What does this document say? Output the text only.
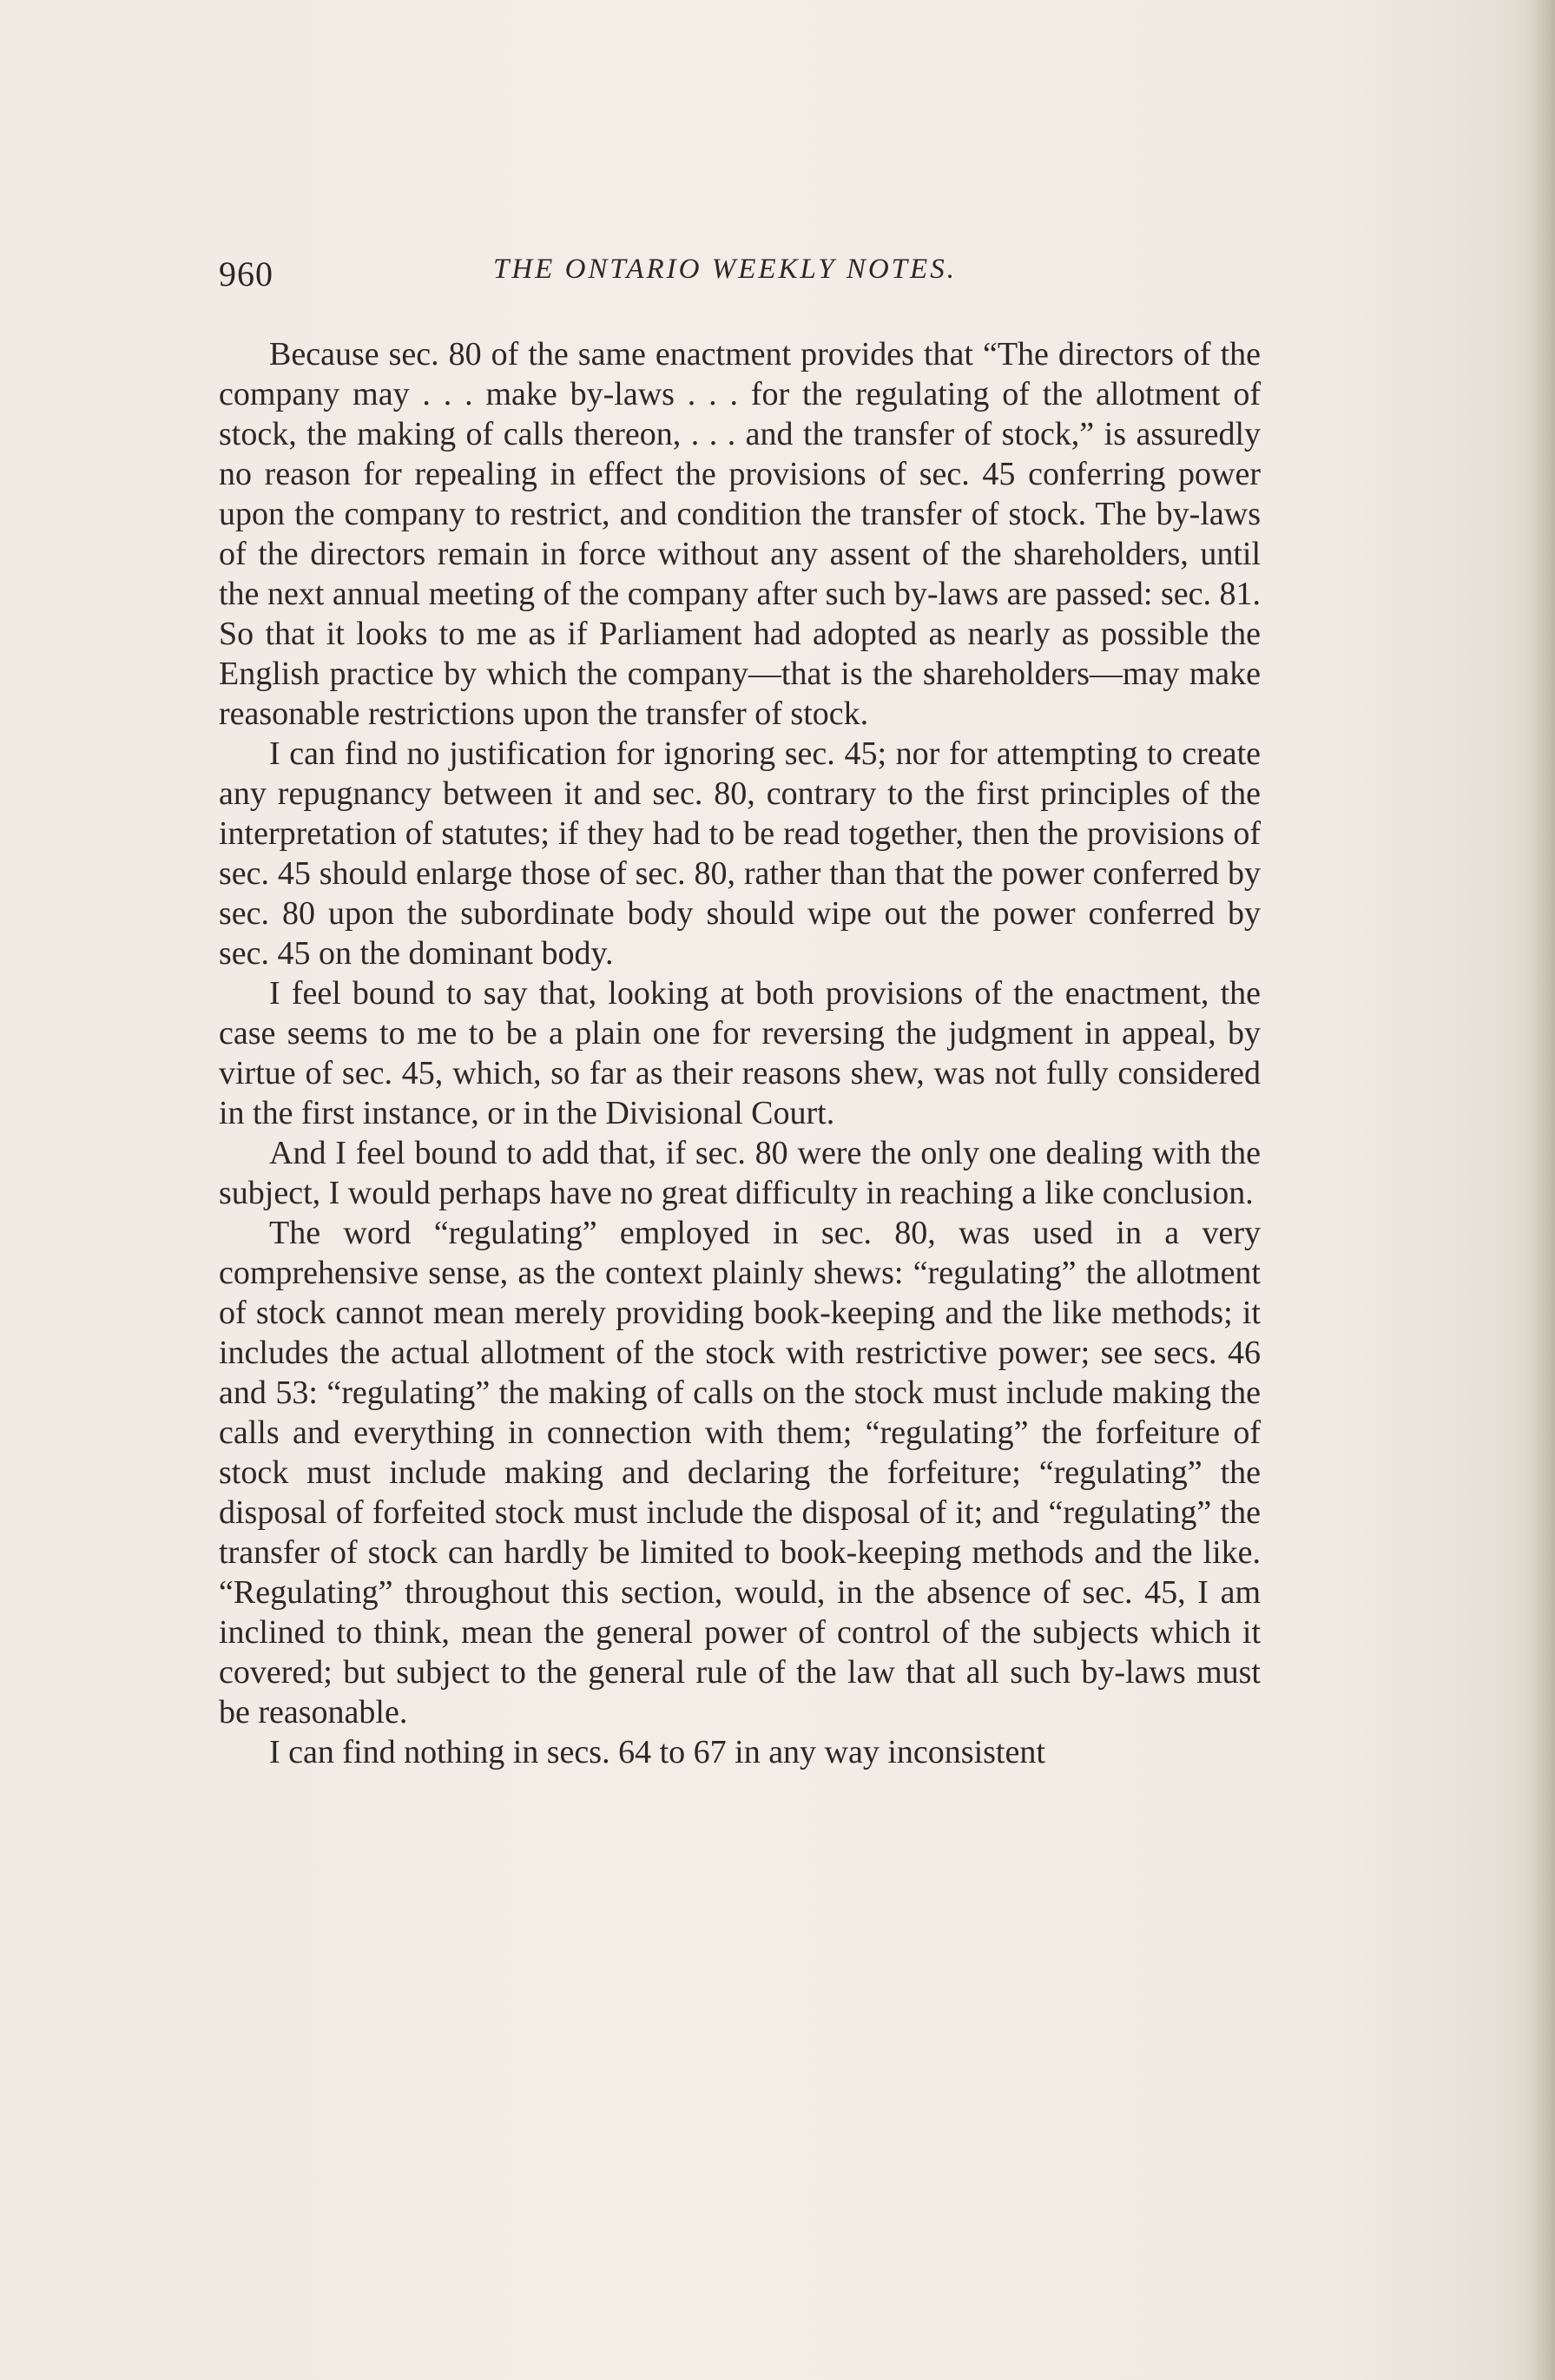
960	THE ONTARIO WEEKLY NOTES.

Because sec. 80 of the same enactment provides that “The directors of the company may . . . make by-laws . . . for the regulating of the allotment of stock, the making of calls thereon, . . . and the transfer of stock,” is assuredly no reason for repealing in effect the provisions of sec. 45 conferring power upon the company to restrict, and condition the transfer of stock. The by-laws of the directors remain in force without any assent of the shareholders, until the next annual meeting of the company after such by-laws are passed: sec. 81. So that it looks to me as if Parliament had adopted as nearly as possible the English practice by which the company—that is the shareholders—may make reasonable restrictions upon the transfer of stock.

I can find no justification for ignoring sec. 45; nor for attempting to create any repugnancy between it and sec. 80, contrary to the first principles of the interpretation of statutes; if they had to be read together, then the provisions of sec. 45 should enlarge those of sec. 80, rather than that the power conferred by sec. 80 upon the subordinate body should wipe out the power conferred by sec. 45 on the dominant body.

I feel bound to say that, looking at both provisions of the enactment, the case seems to me to be a plain one for reversing the judgment in appeal, by virtue of sec. 45, which, so far as their reasons shew, was not fully considered in the first instance, or in the Divisional Court.

And I feel bound to add that, if sec. 80 were the only one dealing with the subject, I would perhaps have no great difficulty in reaching a like conclusion.

The word “regulating” employed in sec. 80, was used in a very comprehensive sense, as the context plainly shews: “regulating” the allotment of stock cannot mean merely providing book-keeping and the like methods; it includes the actual allotment of the stock with restrictive power; see secs. 46 and 53: “regulating” the making of calls on the stock must include making the calls and everything in connection with them; “regulating” the forfeiture of stock must include making and declaring the forfeiture; “regulating” the disposal of forfeited stock must include the disposal of it; and “regulating” the transfer of stock can hardly be limited to book-keeping methods and the like. “Regulating” throughout this section, would, in the absence of sec. 45, I am inclined to think, mean the general power of control of the subjects which it covered; but subject to the general rule of the law that all such by-laws must be reasonable.

I can find nothing in secs. 64 to 67 in any way inconsistent
